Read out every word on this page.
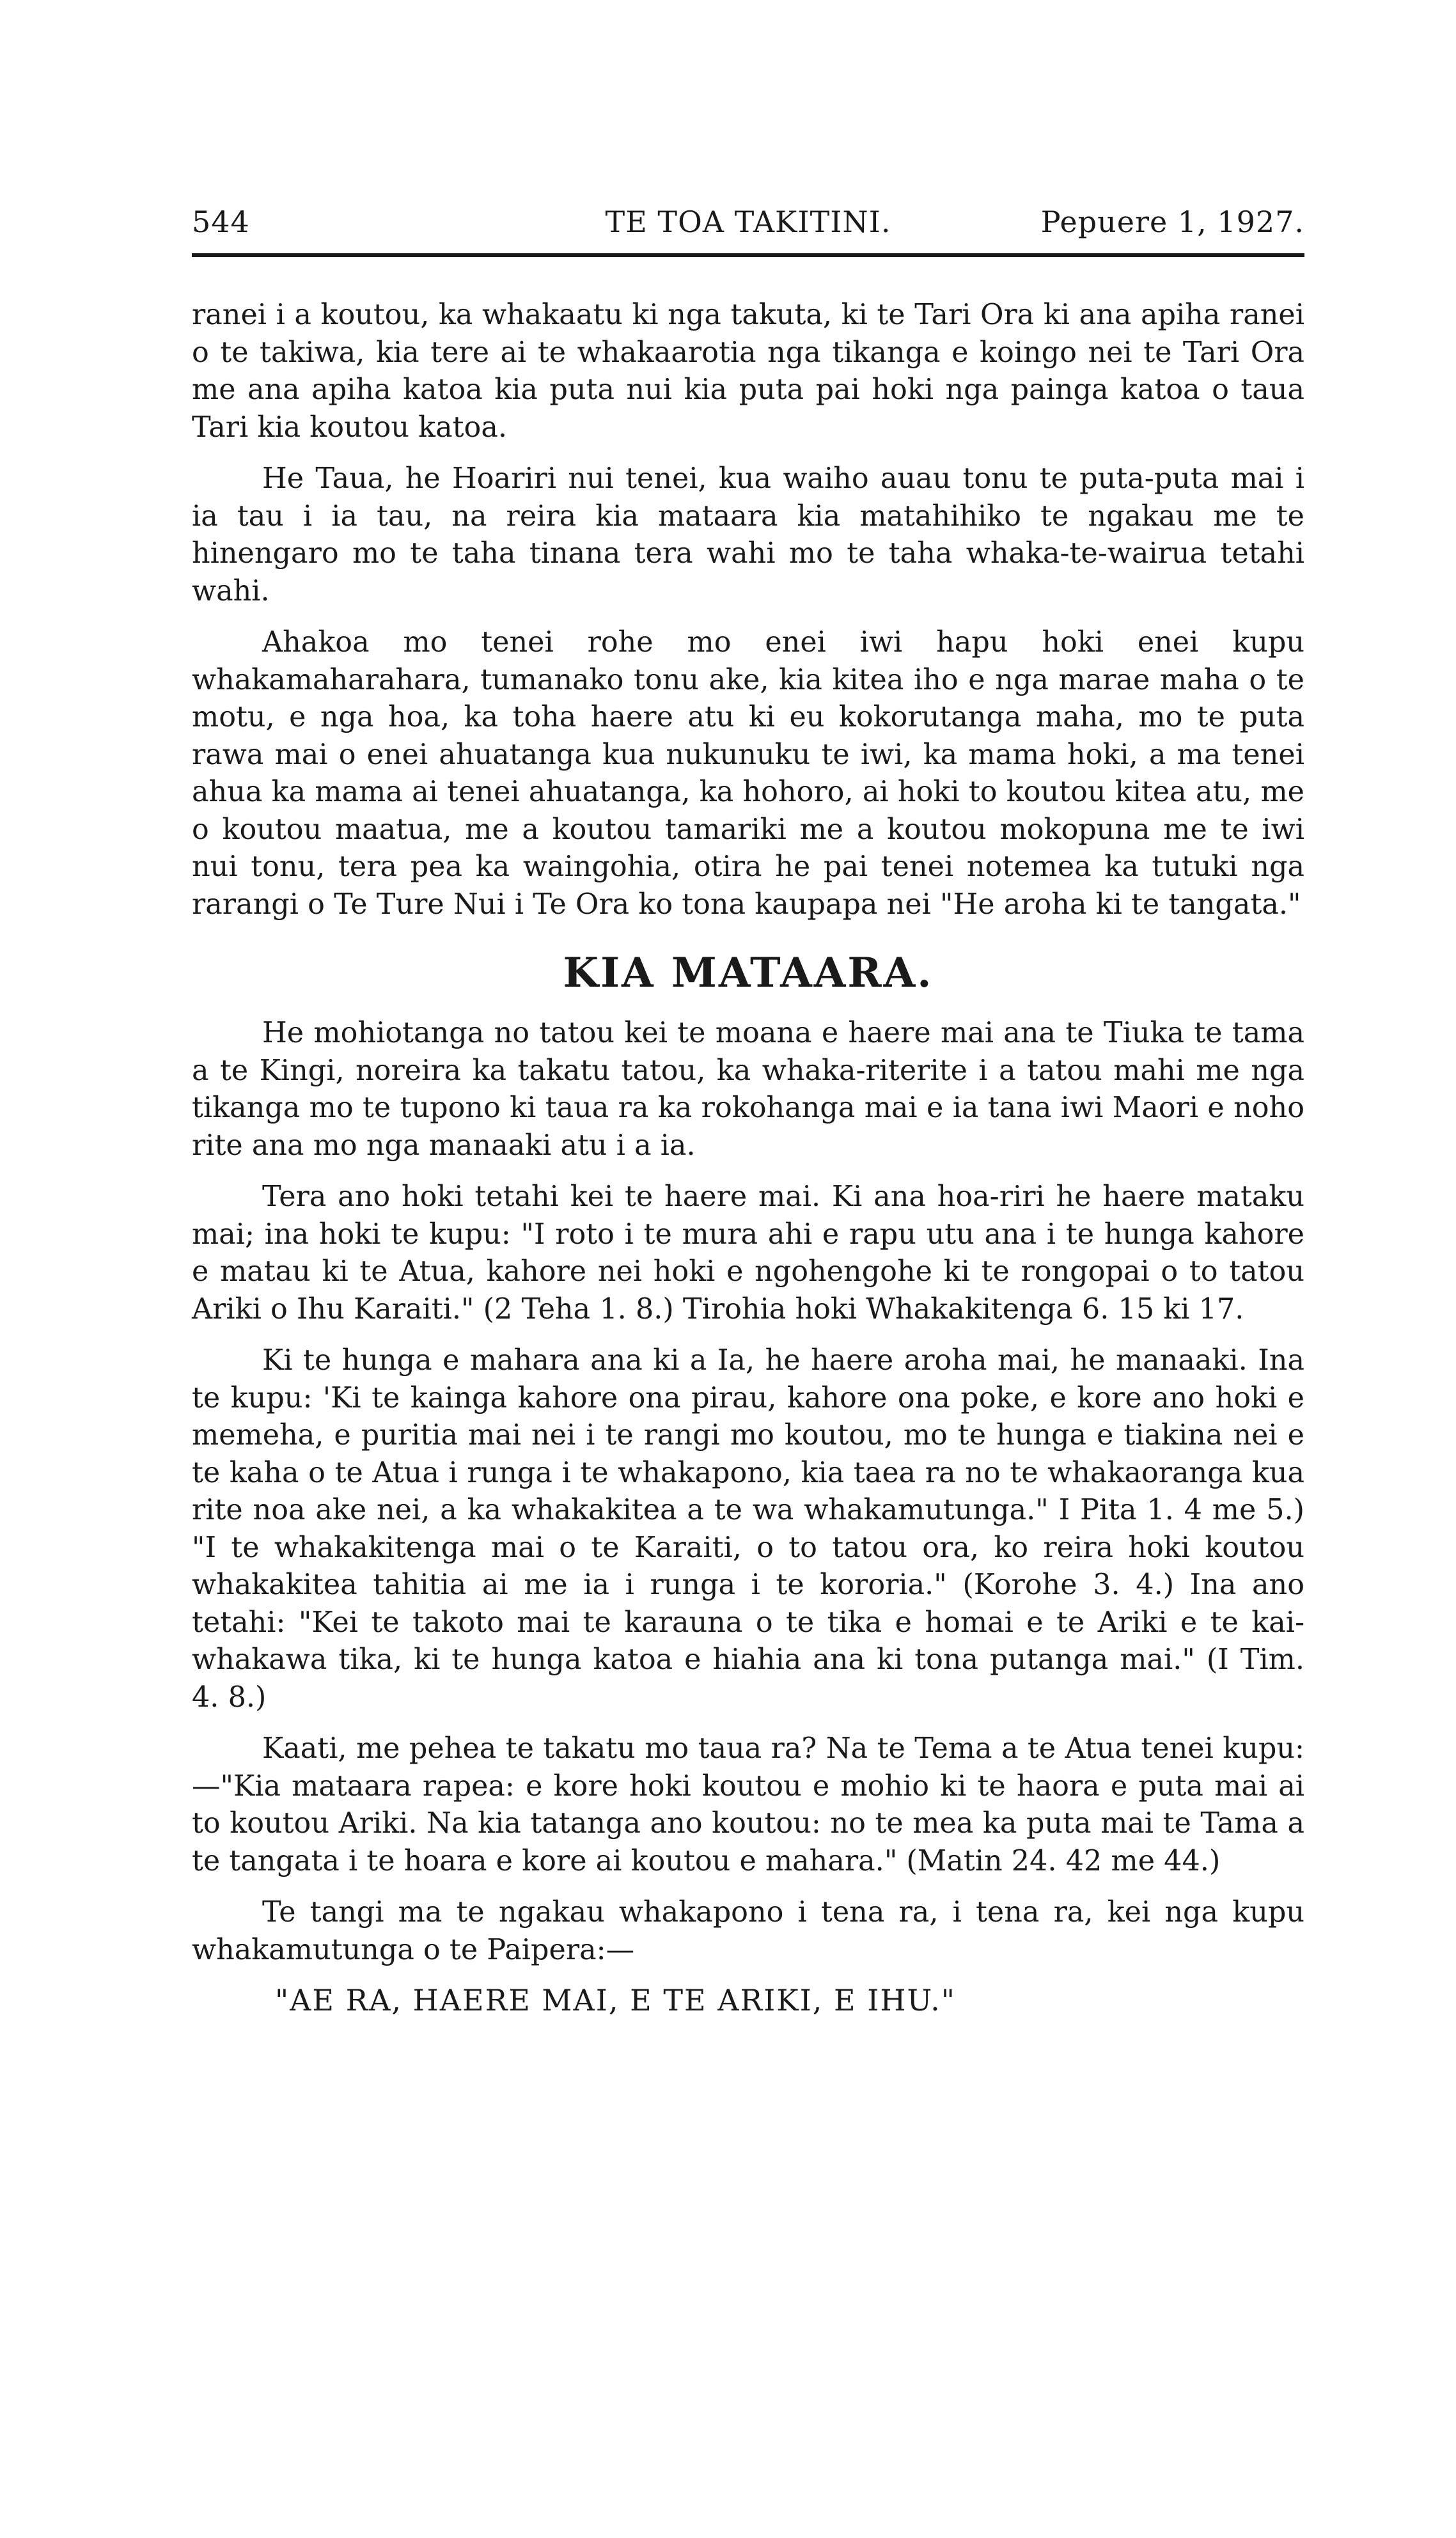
544	TE TOA TAKITINI.	Pepuere 1, 1927.

ranei i a koutou, ka whakaatu ki nga takuta, ki te Tari Ora ki ana apiha ranei o te takiwa, kia tere ai te whakaarotia nga tikanga e koingo nei te Tari Ora me ana apiha katoa kia puta nui kia puta pai hoki nga painga katoa o taua Tari kia koutou katoa.

He Taua, he Hoariri nui tenei, kua waiho auau tonu te puta-puta mai i ia tau i ia tau, na reira kia mataara kia matahihiko te ngakau me te hinengaro mo te taha tinana tera wahi mo te taha whaka-te-wairua tetahi wahi.

Ahakoa mo tenei rohe mo enei iwi hapu hoki enei kupu whakamaharahara, tumanako tonu ake, kia kitea iho e nga marae maha o te motu, e nga hoa, ka toha haere atu ki eu kokorutanga maha, mo te puta rawa mai o enei ahuatanga kua nukunuku te iwi, ka mama hoki, a ma tenei ahua ka mama ai tenei ahuatanga, ka hohoro, ai hoki to koutou kitea atu, me o koutou maatua, me a koutou tamariki me a koutou mokopuna me te iwi nui tonu, tera pea ka waingohia, otira he pai tenei notemea ka tutuki nga rarangi o Te Ture Nui i Te Ora ko tona kaupapa nei "He aroha ki te tangata."

KIA MATAARA.

He mohiotanga no tatou kei te moana e haere mai ana te Tiuka te tama a te Kingi, noreira ka takatu tatou, ka whaka-riterite i a tatou mahi me nga tikanga mo te tupono ki taua ra ka rokohanga mai e ia tana iwi Maori e noho rite ana mo nga manaaki atu i a ia.

Tera ano hoki tetahi kei te haere mai. Ki ana hoa-riri he haere mataku mai; ina hoki te kupu: "I roto i te mura ahi e rapu utu ana i te hunga kahore e matau ki te Atua, kahore nei hoki e ngohengohe ki te rongopai o to tatou Ariki o Ihu Karaiti." (2 Teha 1. 8.) Tirohia hoki Whakakitenga 6. 15 ki 17.

Ki te hunga e mahara ana ki a Ia, he haere aroha mai, he manaaki. Ina te kupu: 'Ki te kainga kahore ona pirau, kahore ona poke, e kore ano hoki e memeha, e puritia mai nei i te rangi mo koutou, mo te hunga e tiakina nei e te kaha o te Atua i runga i te whakapono, kia taea ra no te whakaoranga kua rite noa ake nei, a ka whakakitea a te wa whakamutunga." I Pita 1. 4 me 5.) "I te whakakitenga mai o te Karaiti, o to tatou ora, ko reira hoki koutou whakakitea tahitia ai me ia i runga i te kororia." (Korohe 3. 4.) Ina ano tetahi: "Kei te takoto mai te karauna o te tika e homai e te Ariki e te kai-whakawa tika, ki te hunga katoa e hiahia ana ki tona putanga mai." (I Tim. 4. 8.)

Kaati, me pehea te takatu mo taua ra? Na te Tema a te Atua tenei kupu:—"Kia mataara rapea: e kore hoki koutou e mohio ki te haora e puta mai ai to koutou Ariki. Na kia tatanga ano koutou: no te mea ka puta mai te Tama a te tangata i te hoara e kore ai koutou e mahara." (Matin 24. 42 me 44.)

Te tangi ma te ngakau whakapono i tena ra, i tena ra, kei nga kupu whakamutunga o te Paipera:—

"AE RA, HAERE MAI, E TE ARIKI, E IHU."
